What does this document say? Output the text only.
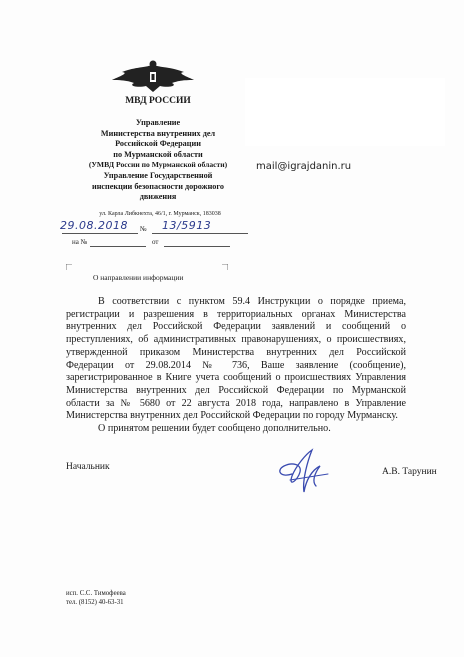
МВД РОССИИ
Управление
Министерства внутренних дел
Российской Федерации
по Мурманской области
(УМВД России по Мурманской области)
Управление Государственной
инспекции безопасности дорожного
движения
ул. Карла Либкнехта, 46/1, г. Мурманск, 183038
29.08.2018 № 13/5913
на №	от
mail@igrajdanin.ru
О направлении информации

В соответствии с пунктом 59.4 Инструкции о порядке приема, регистрации и разрешения в территориальных органах Министерства внутренних дел Российской Федерации заявлений и сообщений о преступлениях, об административных правонарушениях, о происшествиях, утвержденной приказом Министерства внутренних дел Российской Федерации от 29.08.2014 № 736, Ваше заявление (сообщение), зарегистрированное в Книге учета сообщений о происшествиях Управления Министерства внутренних дел Российской Федерации по Мурманской области за № 5680 от 22 августа 2018 года, направлено в Управление Министерства внутренних дел Российской Федерации по городу Мурманску.

О принятом решении будет сообщено дополнительно.

Начальник	А.В. Тарунин
исп. С.С. Тимофеева
тел. (8152) 40-63-31
